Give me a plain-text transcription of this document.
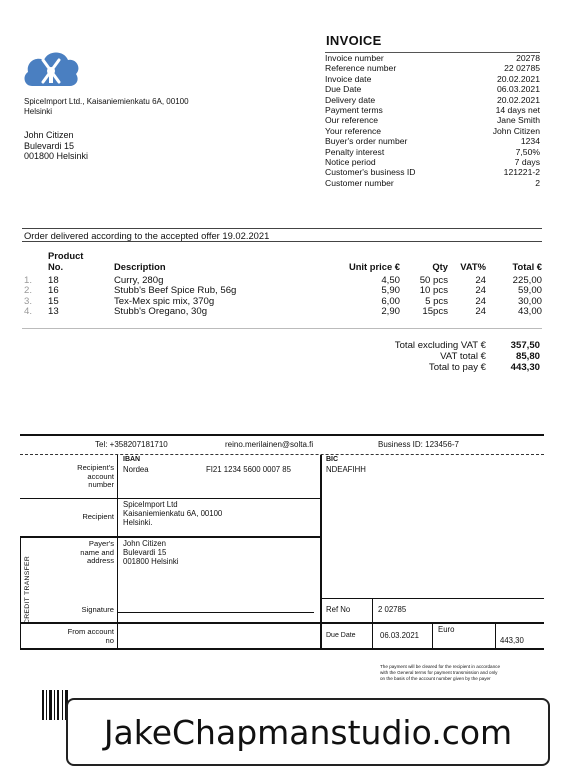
SpiceImport Ltd., Kaisaniemienkatu 6A, 00100
Helsinki
John Citizen
Bulevardi 15
001800 Helsinki
INVOICE
Invoice number	20278
Reference number	22 02785
Invoice date	20.02.2021
Due Date	06.03.2021
Delivery date	20.02.2021
Payment terms	14 days net
Our reference	Jane Smith
Your reference	John Citizen
Buyer's order number	1234
Penalty interest	7,50%
Notice period	7 days
Customer's business ID	121221-2
Customer number	2
Order delivered according to the accepted offer 19.02.2021

	Product
No.	Description	Unit price €	Qty	VAT%	Total €

1.	18	Curry, 280g	4,50	50 pcs	24	225,00
2.	16	Stubb's Beef Spice Rub, 56g	5,90	10 pcs	24	59,00
3.	15	Tex-Mex spic mix, 370g	6,00	5 pcs	24	30,00
4.	13	Stubb's Oregano, 30g	2,90	15pcs	24	43,00
Total excluding VAT €	357,50
VAT total €	85,80
Total to pay €	443,30
Tel: +358207181710	reino.merilainen@solta.fi	Business ID: 123456-7
Recipient's
account
number
IBAN
Nordea	FI21 1234 5600 0007 85
BIC
NDEAFIHH
Recipient
SpiceImport Ltd
Kaisaniemienkatu 6A, 00100
Helsinki.
Payer's
name and
address
John Citizen
Bulevardi 15
001800 Helsinki
CREDIT TRANSFER	Signature	Ref No	2 02785
From account
no
Due Date	06.03.2021
Euro
443,30
The payment will be cleared for the recipient in accordance
with the General terms for payment transmission and only
on the basis of the account number given by the payer
JakeChapmanstudio.com
